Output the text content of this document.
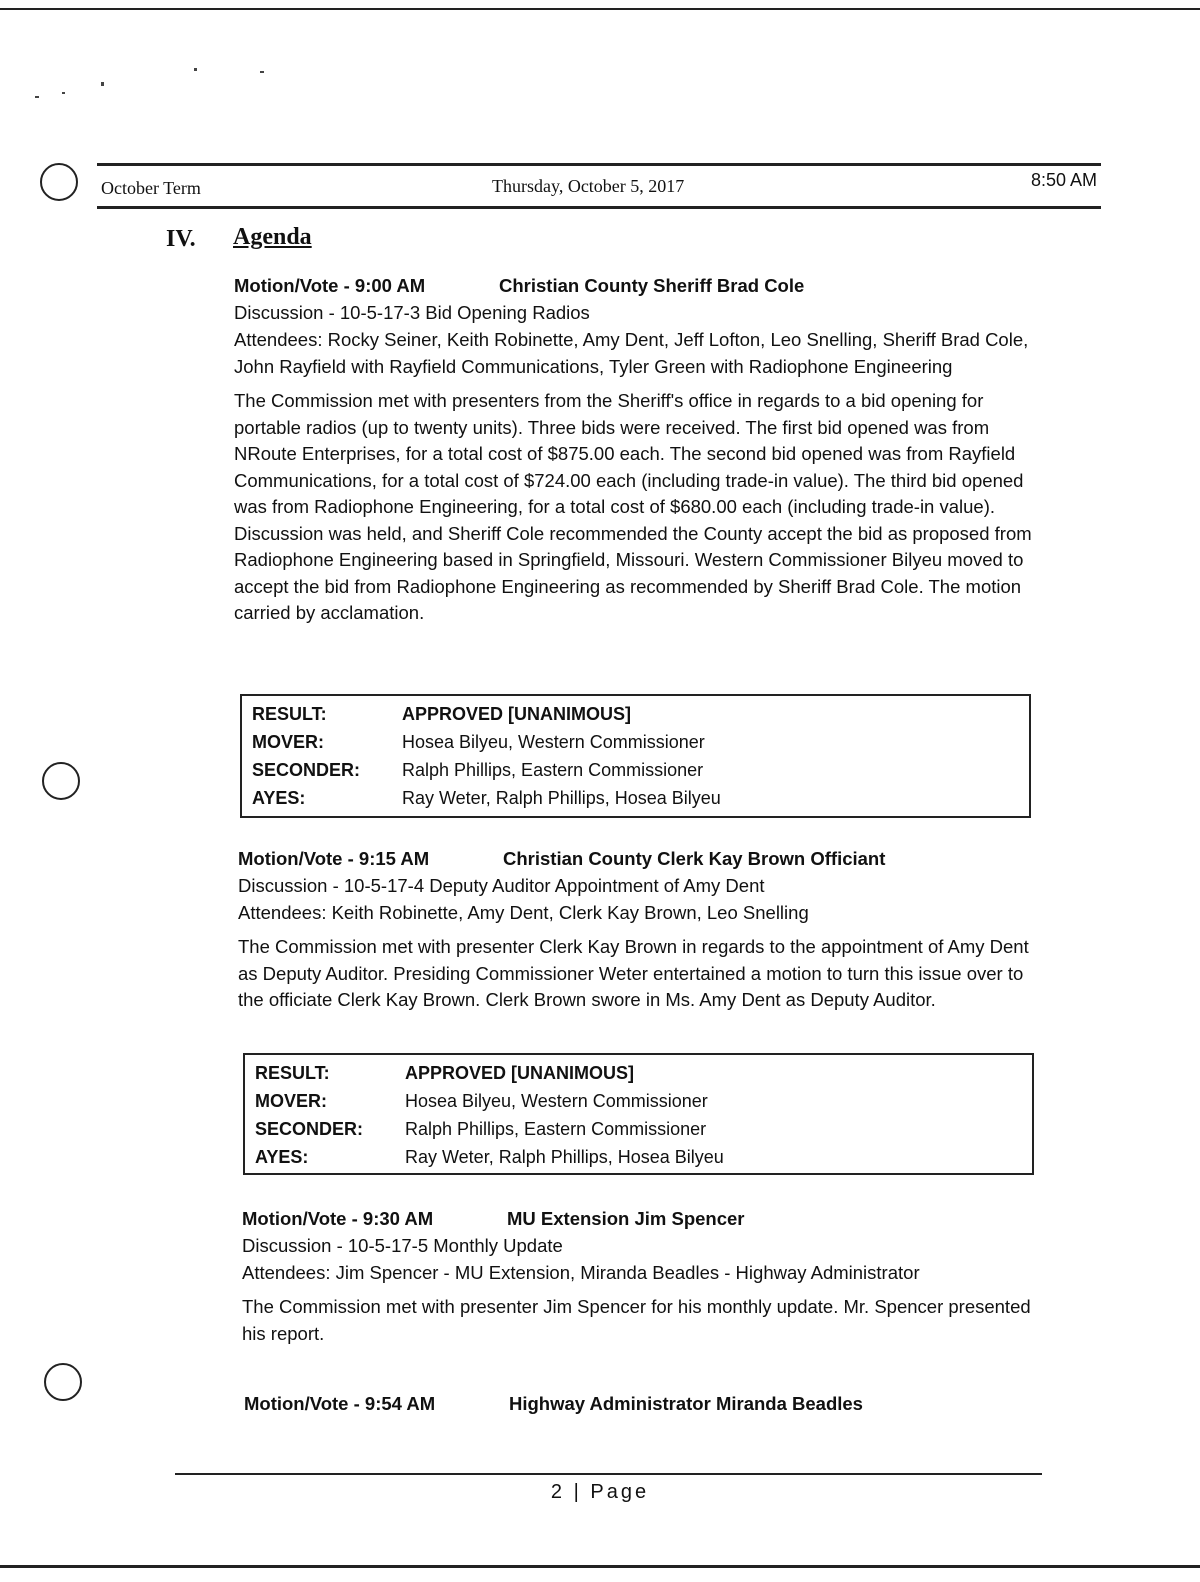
October Term	Thursday, October 5, 2017	8:50 AM
IV. Agenda
Motion/Vote - 9:00 AM	Christian County Sheriff Brad Cole
Discussion - 10-5-17-3 Bid Opening Radios
Attendees: Rocky Seiner, Keith Robinette, Amy Dent, Jeff Lofton, Leo Snelling, Sheriff Brad Cole, John Rayfield with Rayfield Communications, Tyler Green with Radiophone Engineering
The Commission met with presenters from the Sheriff's office in regards to a bid opening for portable radios (up to twenty units). Three bids were received. The first bid opened was from NRoute Enterprises, for a total cost of $875.00 each. The second bid opened was from Rayfield Communications, for a total cost of $724.00 each (including trade-in value). The third bid opened was from Radiophone Engineering, for a total cost of $680.00 each (including trade-in value). Discussion was held, and Sheriff Cole recommended the County accept the bid as proposed from Radiophone Engineering based in Springfield, Missouri. Western Commissioner Bilyeu moved to accept the bid from Radiophone Engineering as recommended by Sheriff Brad Cole. The motion carried by acclamation.
RESULT:	APPROVED [UNANIMOUS]
MOVER:	Hosea Bilyeu, Western Commissioner
SECONDER: Ralph Phillips, Eastern Commissioner
AYES:	Ray Weter, Ralph Phillips, Hosea Bilyeu
Motion/Vote - 9:15 AM	Christian County Clerk Kay Brown Officiant
Discussion - 10-5-17-4 Deputy Auditor Appointment of Amy Dent
Attendees: Keith Robinette, Amy Dent, Clerk Kay Brown, Leo Snelling
The Commission met with presenter Clerk Kay Brown in regards to the appointment of Amy Dent as Deputy Auditor. Presiding Commissioner Weter entertained a motion to turn this issue over to the officiate Clerk Kay Brown. Clerk Brown swore in Ms. Amy Dent as Deputy Auditor.
RESULT:	APPROVED [UNANIMOUS]
MOVER:	Hosea Bilyeu, Western Commissioner
SECONDER: Ralph Phillips, Eastern Commissioner
AYES:	Ray Weter, Ralph Phillips, Hosea Bilyeu
Motion/Vote - 9:30 AM	MU Extension Jim Spencer
Discussion - 10-5-17-5 Monthly Update
Attendees: Jim Spencer - MU Extension, Miranda Beadles - Highway Administrator
The Commission met with presenter Jim Spencer for his monthly update. Mr. Spencer presented his report.
Motion/Vote - 9:54 AM	Highway Administrator Miranda Beadles
2 | Page
